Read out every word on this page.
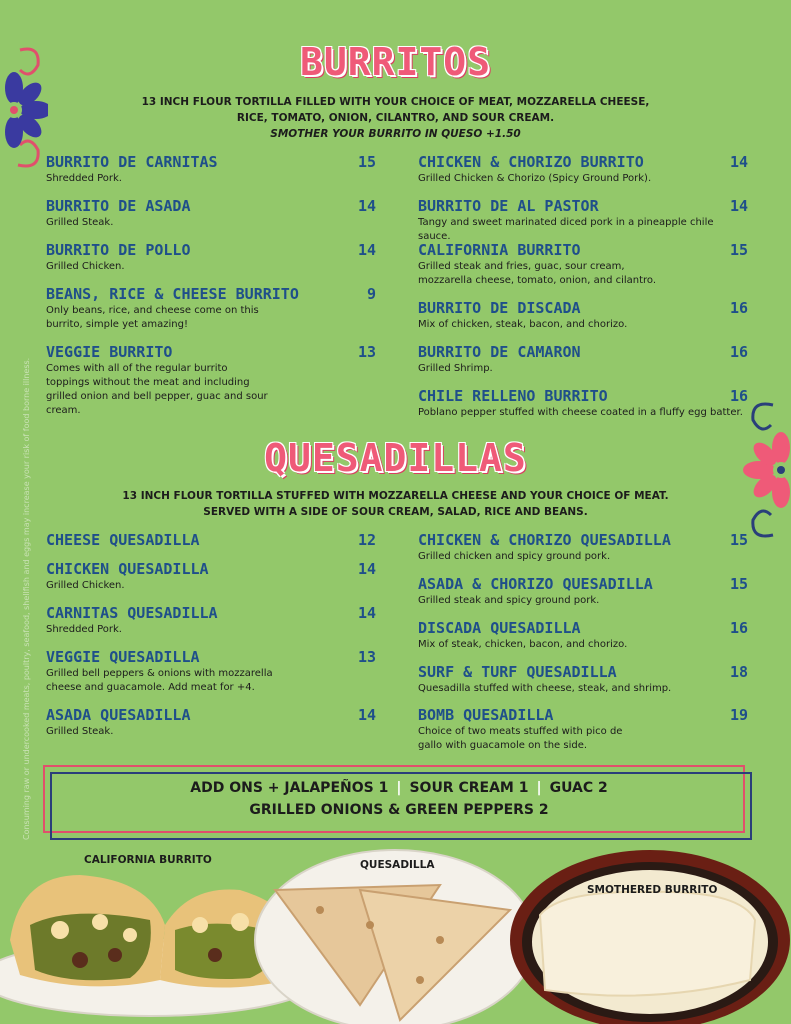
Consuming raw or undercooked meats, poultry, seafood, shellfish and eggs may increase your risk of food borne illness.
BURRITOS
13 INCH FLOUR TORTILLA FILLED WITH YOUR CHOICE OF MEAT, MOZZARELLA CHEESE,
RICE, TOMATO, ONION, CILANTRO, AND SOUR CREAM.
SMOTHER YOUR BURRITO IN QUESO +1.50
BURRITO DE CARNITAS	15
Shredded Pork.
BURRITO DE ASADA	14
Grilled Steak.
BURRITO DE POLLO	14
Grilled Chicken.
BEANS, RICE & CHEESE BURRITO	9
Only beans, rice, and cheese come on this burrito, simple yet amazing!
VEGGIE BURRITO	13
Comes with all of the regular burrito toppings without the meat and including grilled onion and bell pepper, guac and sour cream.
CHICKEN & CHORIZO BURRITO	14
Grilled Chicken & Chorizo (Spicy Ground Pork).
BURRITO DE AL PASTOR	14
Tangy and sweet marinated diced pork in a pineapple chile sauce.
CALIFORNIA BURRITO	15
Grilled steak and fries, guac, sour cream, mozzarella cheese, tomato, onion, and cilantro.
BURRITO DE DISCADA	16
Mix of chicken, steak, bacon, and chorizo.
BURRITO DE CAMARON	16
Grilled Shrimp.
CHILE RELLENO BURRITO	16
Poblano pepper stuffed with cheese coated in a fluffy egg batter.
QUESADILLAS
13 INCH FLOUR TORTILLA STUFFED WITH MOZZARELLA CHEESE AND YOUR CHOICE OF MEAT.
SERVED WITH A SIDE OF SOUR CREAM, SALAD, RICE AND BEANS.
CHEESE QUESADILLA	12
CHICKEN QUESADILLA	14
Grilled Chicken.
CARNITAS QUESADILLA	14
Shredded Pork.
VEGGIE QUESADILLA	13
Grilled bell peppers & onions with mozzarella cheese and guacamole. Add meat for +4.
ASADA QUESADILLA	14
Grilled Steak.
CHICKEN & CHORIZO QUESADILLA	15
Grilled chicken and spicy ground pork.
ASADA & CHORIZO QUESADILLA	15
Grilled steak and spicy ground pork.
DISCADA QUESADILLA	16
Mix of steak, chicken, bacon, and chorizo.
SURF & TURF QUESADILLA	18
Quesadilla stuffed with cheese, steak, and shrimp.
BOMB QUESADILLA	19
Choice of two meats stuffed with pico de gallo with guacamole on the side.
ADD ONS + JALAPEÑOS 1 | SOUR CREAM 1 | GUAC 2
GRILLED ONIONS & GREEN PEPPERS 2
CALIFORNIA BURRITO	QUESADILLA
SMOTHERED BURRITO
